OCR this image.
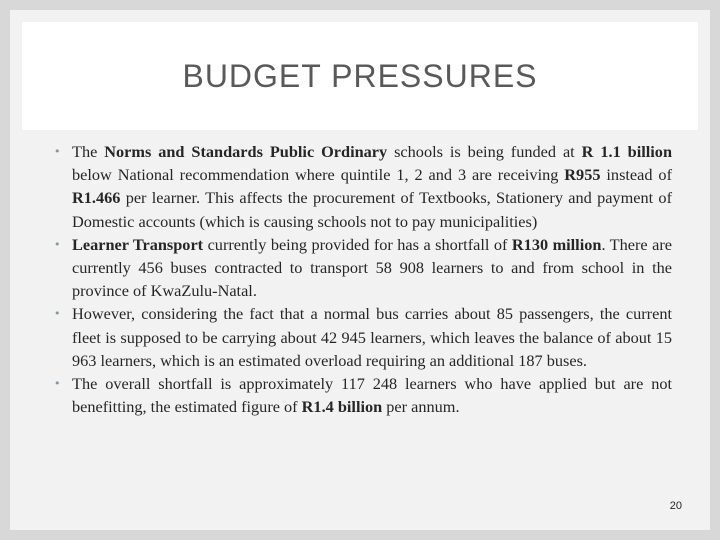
BUDGET PRESSURES
• The Norms and Standards Public Ordinary schools is being funded at R 1.1 billion below National recommendation where quintile 1, 2 and 3 are receiving R955 instead of R1.466 per learner. This affects the procurement of Textbooks, Stationery and payment of Domestic accounts (which is causing schools not to pay municipalities)
• Learner Transport currently being provided for has a shortfall of R130 million. There are currently 456 buses contracted to transport 58 908 learners to and from school in the province of KwaZulu-Natal.
• However, considering the fact that a normal bus carries about 85 passengers, the current fleet is supposed to be carrying about 42 945 learners, which leaves the balance of about 15 963 learners, which is an estimated overload requiring an additional 187 buses.
• The overall shortfall is approximately 117 248 learners who have applied but are not benefitting, the estimated figure of R1.4 billion per annum.
20
